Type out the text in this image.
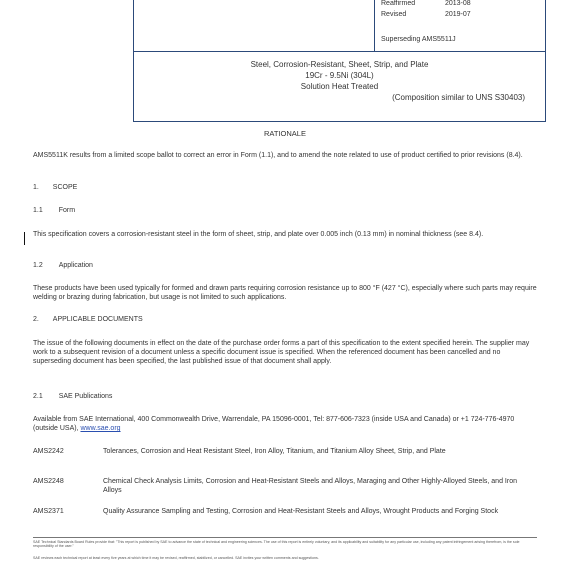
Reaffirmed	2013-08
Revised	2019-07
Superseding AMS5511J
Steel, Corrosion-Resistant, Sheet, Strip, and Plate
19Cr - 9.5Ni (304L)
Solution Heat Treated
(Composition similar to UNS S30403)
RATIONALE
AMS5511K results from a limited scope ballot to correct an error in Form (1.1), and to amend the note related to use of product certified to prior revisions (8.4).
1. SCOPE
1.1 Form
This specification covers a corrosion-resistant steel in the form of sheet, strip, and plate over 0.005 inch (0.13 mm) in nominal thickness (see 8.4).
1.2 Application
These products have been used typically for formed and drawn parts requiring corrosion resistance up to 800 °F (427 °C), especially where such parts may require welding or brazing during fabrication, but usage is not limited to such applications.
2. APPLICABLE DOCUMENTS
The issue of the following documents in effect on the date of the purchase order forms a part of this specification to the extent specified herein. The supplier may work to a subsequent revision of a document unless a specific document issue is specified. When the referenced document has been cancelled and no superseding document has been specified, the last published issue of that document shall apply.
2.1 SAE Publications
Available from SAE International, 400 Commonwealth Drive, Warrendale, PA 15096-0001, Tel: 877-606-7323 (inside USA and Canada) or +1 724-776-4970 (outside USA), www.sae.org
AMS2242	Tolerances, Corrosion and Heat Resistant Steel, Iron Alloy, Titanium, and Titanium Alloy Sheet, Strip, and Plate
AMS2248	Chemical Check Analysis Limits, Corrosion and Heat-Resistant Steels and Alloys, Maraging and Other Highly-Alloyed Steels, and Iron Alloys
AMS2371	Quality Assurance Sampling and Testing, Corrosion and Heat-Resistant Steels and Alloys, Wrought Products and Forging Stock
SAE Technical Standards Board Rules provide that: "This report is published by SAE to advance the state of technical and engineering sciences. The use of this report is entirely voluntary, and its applicability and suitability for any particular use, including any patent infringement arising therefrom, is the sole responsibility of the user."
SAE reviews each technical report at least every five years at which time it may be revised, reaffirmed, stabilized, or cancelled. SAE invites your written comments and suggestions.
